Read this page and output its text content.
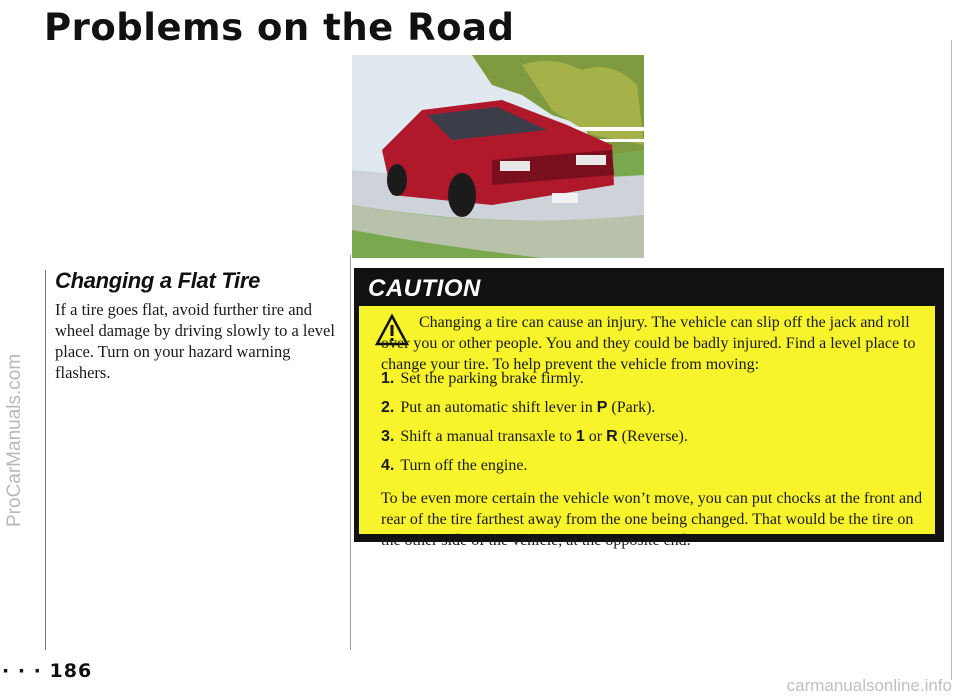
Problems on the Road
ProCarManuals.com
Changing a Flat Tire

If a tire goes flat, avoid further tire and wheel damage by driving slowly to a level place. Turn on your hazard warning flashers.

CAUTION

Changing a tire can cause an injury. The vehicle can slip off the jack and roll over you or other people. You and they could be badly injured. Find a level place to change your tire. To help prevent the vehicle from moving:

1. Set the parking brake firmly.
2. Put an automatic shift lever in P (Park).
3. Shift a manual transaxle to 1 or R (Reverse).
4. Turn off the engine.

To be even more certain the vehicle won’t move, you can put chocks at the front and rear of the tire farthest away from the one being changed. That would be the tire on the other side of the vehicle, at the opposite end.

· · · 186
carmanualsonline.info
